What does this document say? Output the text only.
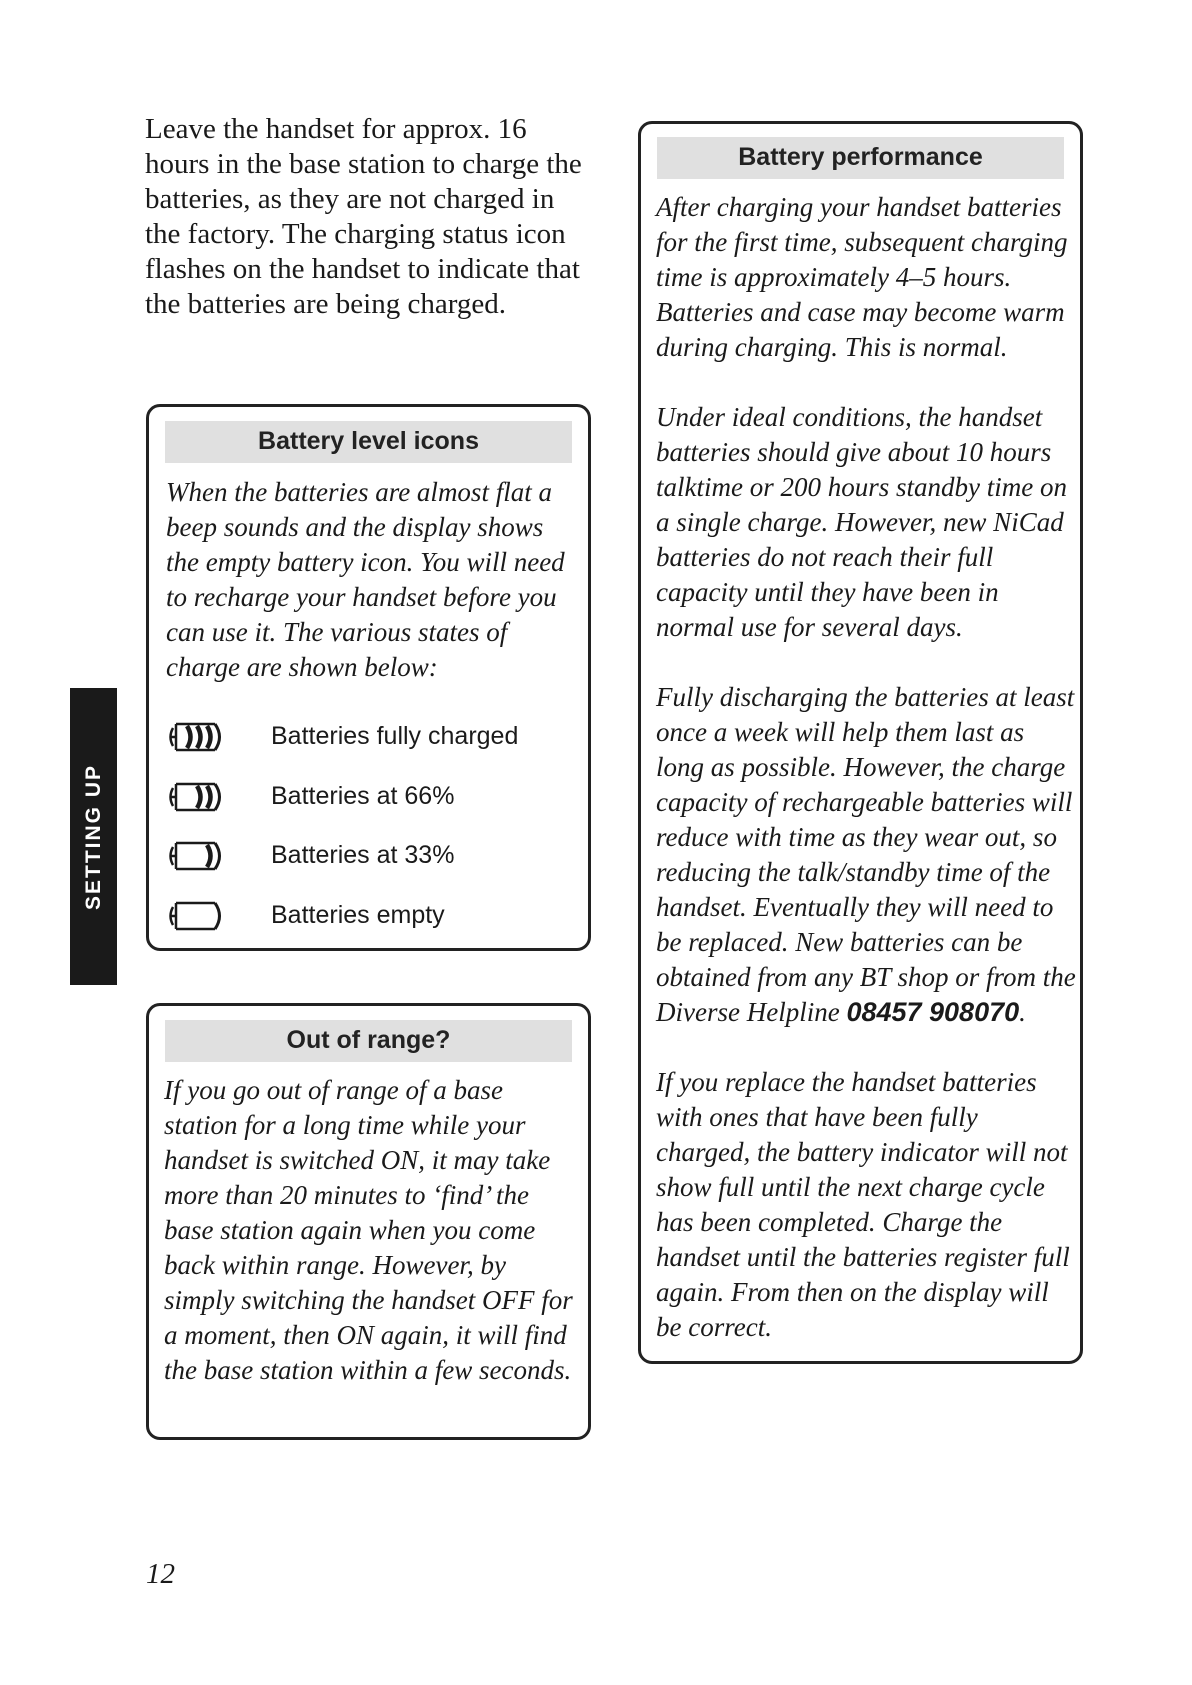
Leave the handset for approx. 16 hours in the base station to charge the batteries, as they are not charged in the factory. The charging status icon flashes on the handset to indicate that the batteries are being charged.
Battery level icons
When the batteries are almost flat a beep sounds and the display shows the empty battery icon. You will need to recharge your handset before you can use it. The various states of charge are shown below:
Batteries fully charged
Batteries at 66%
Batteries at 33%
Batteries empty
Out of range?
If you go out of range of a base station for a long time while your handset is switched ON, it may take more than 20 minutes to ‘find’ the base station again when you come back within range. However, by simply switching the handset OFF for a moment, then ON again, it will find the base station within a few seconds.
Battery performance

After charging your handset batteries for the first time, subsequent charging time is approximately 4–5 hours. Batteries and case may become warm during charging. This is normal.

Under ideal conditions, the handset batteries should give about 10 hours talktime or 200 hours standby time on a single charge. However, new NiCad batteries do not reach their full capacity until they have been in normal use for several days.

Fully discharging the batteries at least once a week will help them last as long as possible. However, the charge capacity of rechargeable batteries will reduce with time as they wear out, so reducing the talk/standby time of the handset. Eventually they will need to be replaced. New batteries can be obtained from any BT shop or from the Diverse Helpline 08457 908070.

If you replace the handset batteries with ones that have been fully charged, the battery indicator will not show full until the next charge cycle has been completed. Charge the handset until the batteries register full again. From then on the display will be correct.

SETTING UP
12
